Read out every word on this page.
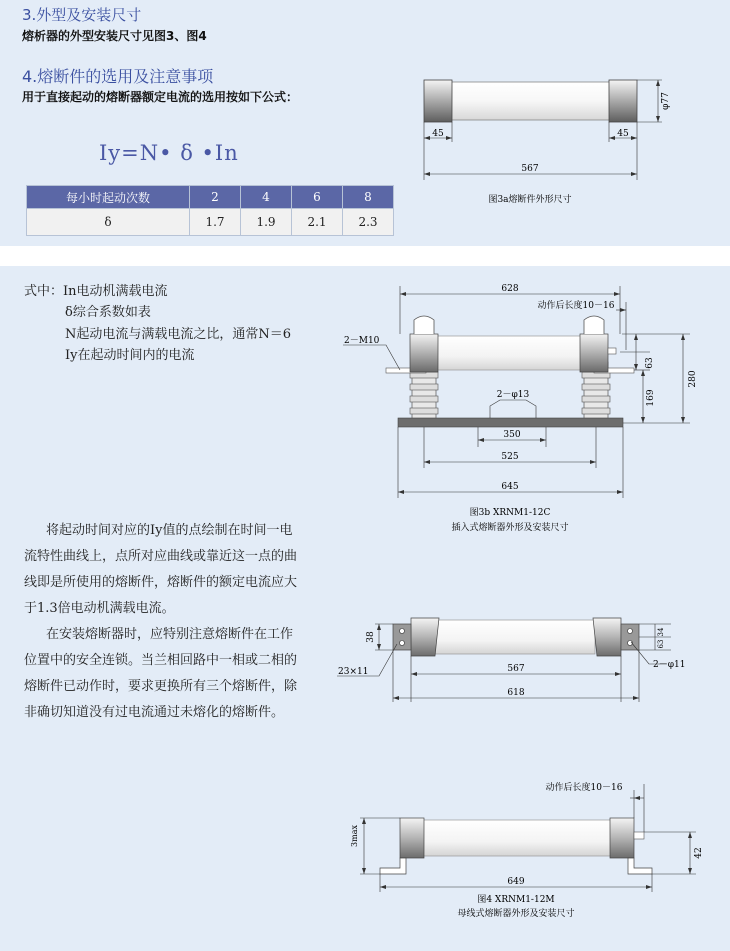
3.外型及安装尺寸
熔析器的外型安装尺寸见图3、图4
4.熔断件的选用及注意事项
用于直接起动的熔断器额定电流的选用按如下公式：
Iy=N• δ •In
每小时起动次数	2	4	6	8
δ	1.7	1.9	2.1	2.3
45	45
567
φ77
图3a熔断件外形尺寸
式中：In电动机满载电流
δ综合系数如表
N起动电流与满载电流之比，通常N＝6
Iy在起动时间内的电流
将起动时间对应的Iy值的点绘制在时间一电
流特性曲线上，点所对应曲线或靠近这一点的曲
线即是所使用的熔断件，熔断件的额定电流应大
于1.3倍电动机满载电流。
在安装熔断器时，应特别注意熔断件在工作
位置中的安全连锁。当兰相回路中一相或二相的
熔断件已动作时，要求更换所有三个熔断件，除
非确切知道没有过电流通过未熔化的熔断件。
628
动作后长度10－16
2－M10
63
280
169
2－φ13
350
525
645
图3b XRNM1-12C
插入式熔断器外形及安装尺寸
38
23×11	567
618
2－φ11
34
63
动作后长度10－16
3max
42
649
图4 XRNM1-12M
母线式熔断器外形及安装尺寸
